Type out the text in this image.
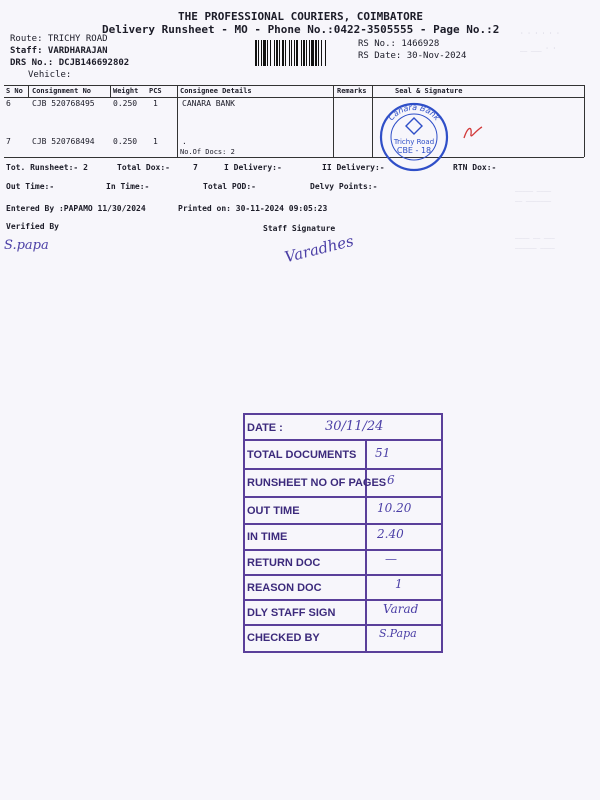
· · · · · ·
__ ___ · ·
_____ ____
__ _______
____ __ ___
______ ____
THE PROFESSIONAL COURIERS, COIMBATORE
Delivery Runsheet - MO - Phone No.:0422-3505555 - Page No.:2
Route: TRICHY ROAD
Staff: VARDHARAJAN
DRS No.: DCJB146692802
Vehicle:
RS No.: 1466928
RS Date: 30-Nov-2024
S No Consignment No	Weight PCS	Consignee Details	Remarks	Seal & Signature
6	CJB 520768495 0.250 1	CANARA BANK
7	CJB 520768494 0.250 1	.
No.Of Docs: 2
Canara Bank
Trichy Road
CBE - 18
Tot. Runsheet:- 2	Total Dox:-	7	I Delivery:-	II Delivery:-	RTN Dox:-
Out Time:-	In Time:-	Total POD:-	Delvy Points:-
Entered By :PAPAMO 11/30/2024	Printed on: 30-11-2024 09:05:23
Verified By	Staff Signature
S.papa	Varadhes
DATE :	30/11/24
TOTAL DOCUMENTS 51
RUNSHEET NO OF PAGES 6
OUT TIME	10.20
IN TIME	2.40
RETURN DOC	—
REASON DOC	1
DLY STAFF SIGN	Varad
CHECKED BY	S.Papa
